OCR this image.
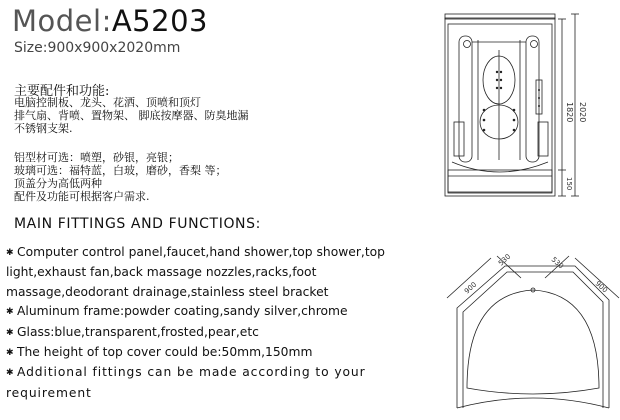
Model:A5203
Size:900x900x2020mm
主要配件和功能:
电脑控制板、龙头、花洒、顶喷和顶灯
排气扇、背喷、置物架、 脚底按摩器、防臭地漏
不锈钢支架.
铝型材可选：喷塑，砂银，亮银；
玻璃可选：福特蓝，白玻，磨砂，香梨 等；
顶盖分为高低两种
配件及功能可根据客户需求.
MAIN FITTINGS AND FUNCTIONS:
✱ Computer control panel,faucet,hand shower,top shower,top light,exhaust fan,back massage nozzles,racks,foot massage,deodorant drainage,stainless steel bracket
✱ Aluminum frame:powder coating,sandy silver,chrome
✱ Glass:blue,transparent,frosted,pear,etc
✱ The height of top cover could be:50mm,150mm
✱ Additional fittings can be made according to your requirement
1820 2020
150
900	900
530	530
